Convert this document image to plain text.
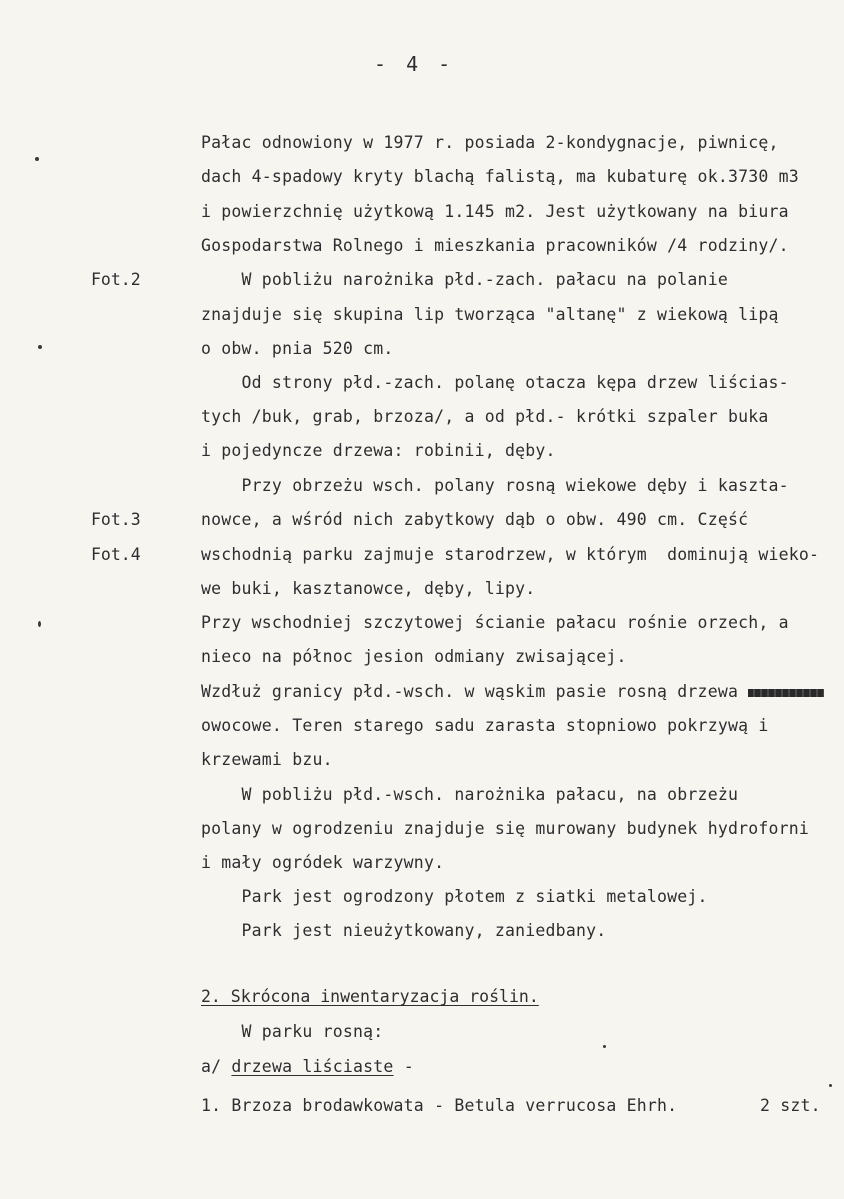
- 4 -
Pałac odnowiony w 1977 r. posiada 2-kondygnacje, piwnicę,
dach 4-spadowy kryty blachą falistą, ma kubaturę ok.3730 m3
i powierzchnię użytkową 1.145 m2. Jest użytkowany na biura
Gospodarstwa Rolnego i mieszkania pracowników /4 rodziny/.
Fot.2	W pobliżu narożnika płd.-zach. pałacu na polanie
znajduje się skupina lip tworząca "altanę" z wiekową lipą
o obw. pnia 520 cm.
Od strony płd.-zach. polanę otacza kępa drzew liścias-
tych /buk, grab, brzoza/, a od płd.- krótki szpaler buka
i pojedyncze drzewa: robinii, dęby.
Przy obrzeżu wsch. polany rosną wiekowe dęby i kaszta-
Fot.3	nowce, a wśród nich zabytkowy dąb o obw. 490 cm. Część
Fot.4	wschodnią parku zajmuje starodrzew, w którym  dominują wieko-
we buki, kasztanowce, dęby, lipy.
Przy wschodniej szczytowej ścianie pałacu rośnie orzech, a
nieco na północ jesion odmiany zwisającej.
Wzdłuż granicy płd.-wsch. w wąskim pasie rosną drzewa
owocowe. Teren starego sadu zarasta stopniowo pokrzywą i
krzewami bzu.
W pobliżu płd.-wsch. narożnika pałacu, na obrzeżu
polany w ogrodzeniu znajduje się murowany budynek hydroforni
i mały ogródek warzywny.
Park jest ogrodzony płotem z siatki metalowej.
Park jest nieużytkowany, zaniedbany.
2. Skrócona inwentaryzacja roślin.
W parku rosną:
a/ drzewa liściaste -
1. Brzoza brodawkowata - Betula verrucosa Ehrh.	2 szt.
